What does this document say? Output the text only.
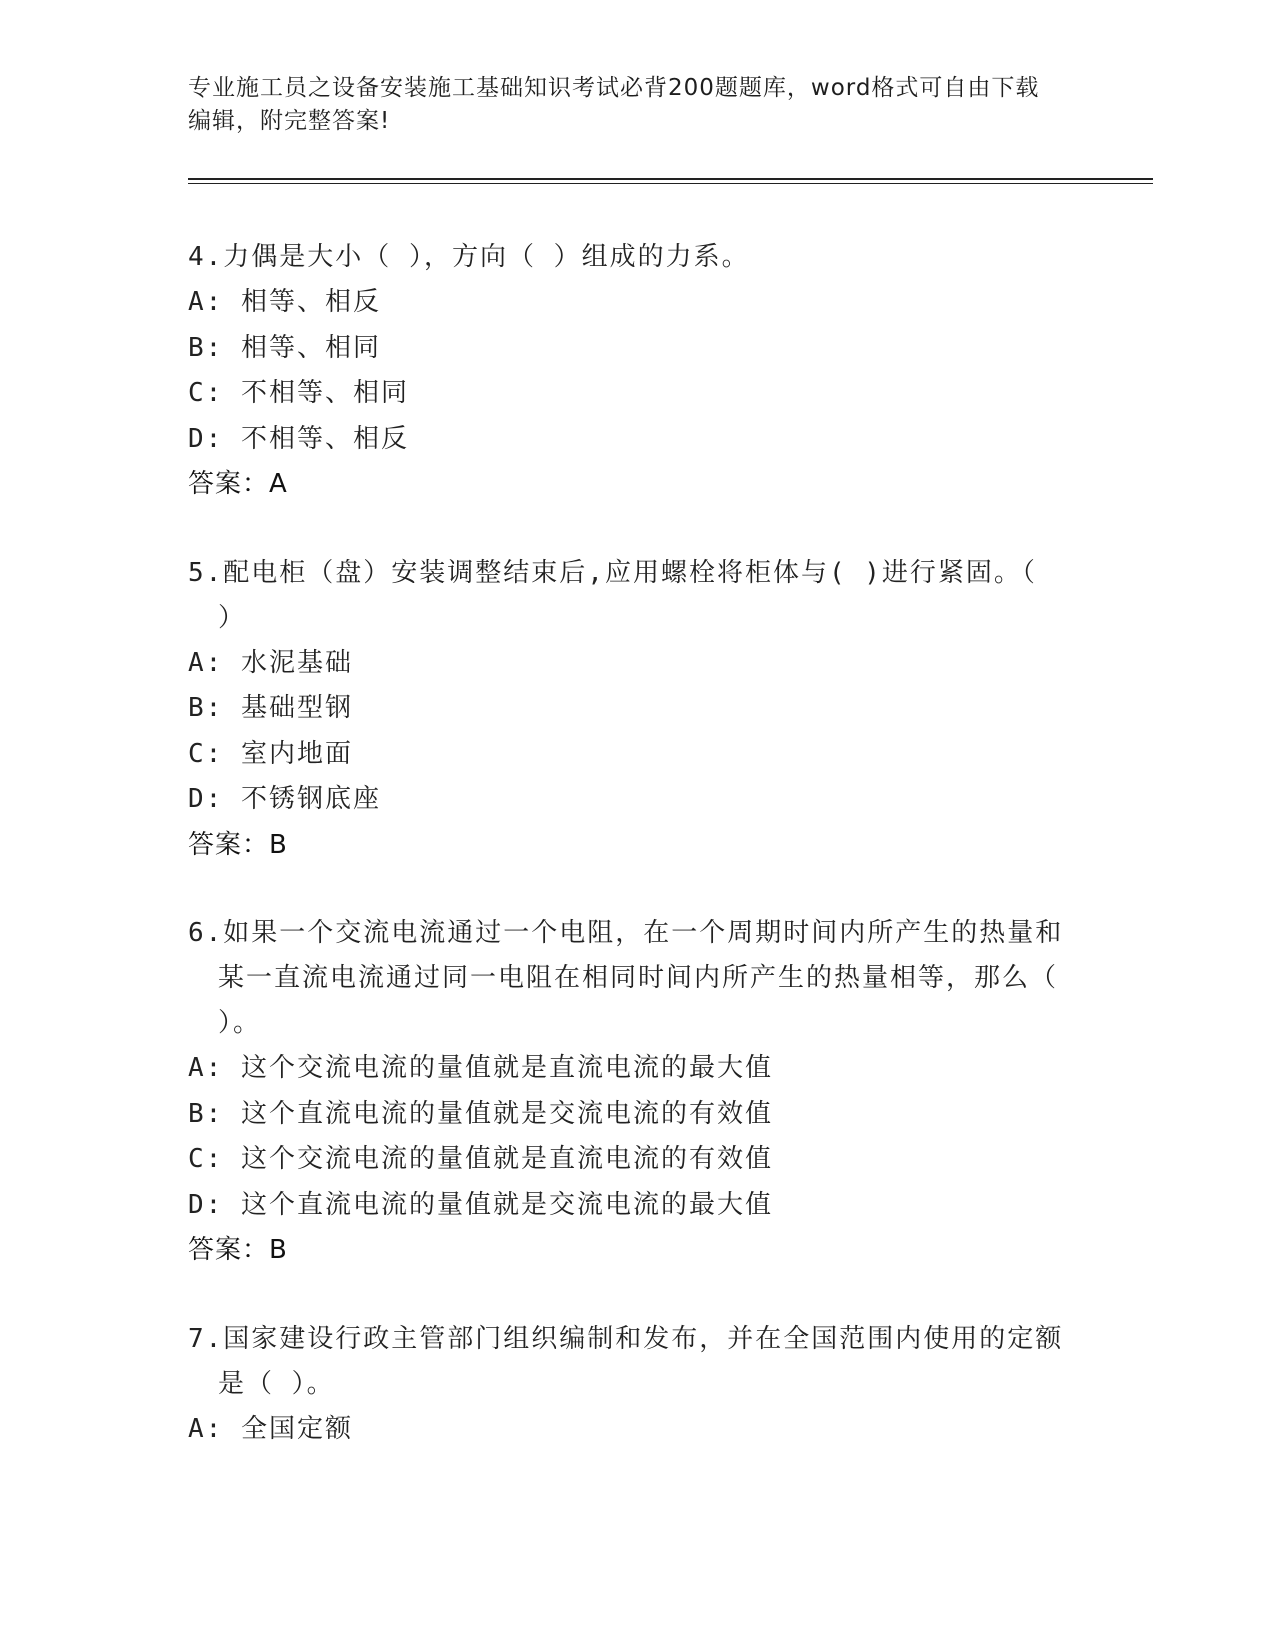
专业施工员之设备安装施工基础知识考试必背200题题库，word格式可自由下载
编辑，附完整答案!

4.力偶是大小（ ），方向（ ）组成的力系。

A: 相等、相反

B: 相等、相同

C: 不相等、相同

D: 不相等、相反

答案：A

5.配电柜（盘）安装调整结束后,应用螺栓将柜体与( )进行紧固。（ ）

A: 水泥基础

B: 基础型钢

C: 室内地面

D: 不锈钢底座

答案：B

6.如果一个交流电流通过一个电阻，在一个周期时间内所产生的热量和某一直流电流通过同一电阻在相同时间内所产生的热量相等，那么（ ）。

A: 这个交流电流的量值就是直流电流的最大值

B: 这个直流电流的量值就是交流电流的有效值

C: 这个交流电流的量值就是直流电流的有效值

D: 这个直流电流的量值就是交流电流的最大值

答案：B

7.国家建设行政主管部门组织编制和发布，并在全国范围内使用的定额是（ ）。

A: 全国定额
